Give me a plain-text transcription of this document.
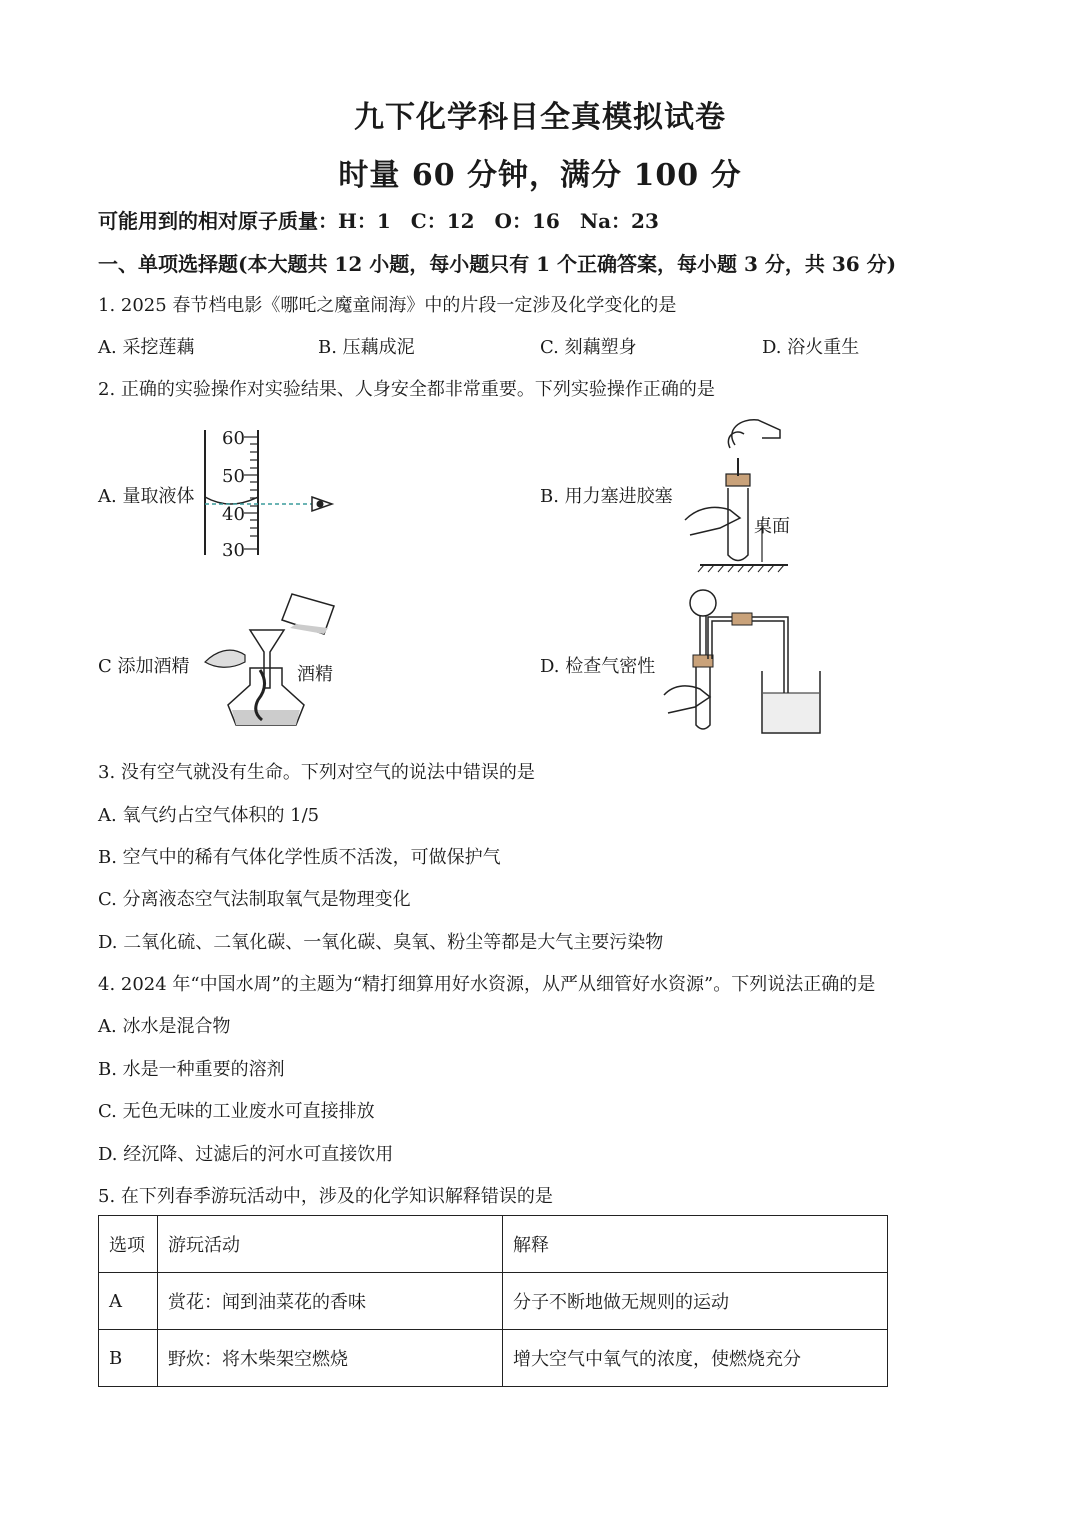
九下化学科目全真模拟试卷
时量 60 分钟，满分 100 分
可能用到的相对原子质量：H：1　C：12　O：16　Na：23
一、单项选择题(本大题共 12 小题，每小题只有 1 个正确答案，每小题 3 分，共 36 分)
1. 2025 春节档电影《哪吒之魔童闹海》中的片段一定涉及化学变化的是
A. 采挖莲藕	B. 压藕成泥	C. 刻藕塑身	D. 浴火重生
2. 正确的实验操作对实验结果、人身安全都非常重要。下列实验操作正确的是
A. 量取液体
60
50
40
30
B. 用力塞进胶塞
桌面
C 添加酒精	酒精	D. 检查气密性
3. 没有空气就没有生命。下列对空气的说法中错误的是
A. 氧气约占空气体积的 1/5
B. 空气中的稀有气体化学性质不活泼，可做保护气
C. 分离液态空气法制取氧气是物理变化
D. 二氧化硫、二氧化碳、一氧化碳、臭氧、粉尘等都是大气主要污染物
4. 2024 年“中国水周”的主题为“精打细算用好水资源，从严从细管好水资源”。下列说法正确的是
A. 冰水是混合物
B. 水是一种重要的溶剂
C. 无色无味的工业废水可直接排放
D. 经沉降、过滤后的河水可直接饮用
5. 在下列春季游玩活动中，涉及的化学知识解释错误的是
选项	游玩活动	解释
A	赏花：闻到油菜花的香味	分子不断地做无规则的运动
B	野炊：将木柴架空燃烧	增大空气中氧气的浓度，使燃烧充分
